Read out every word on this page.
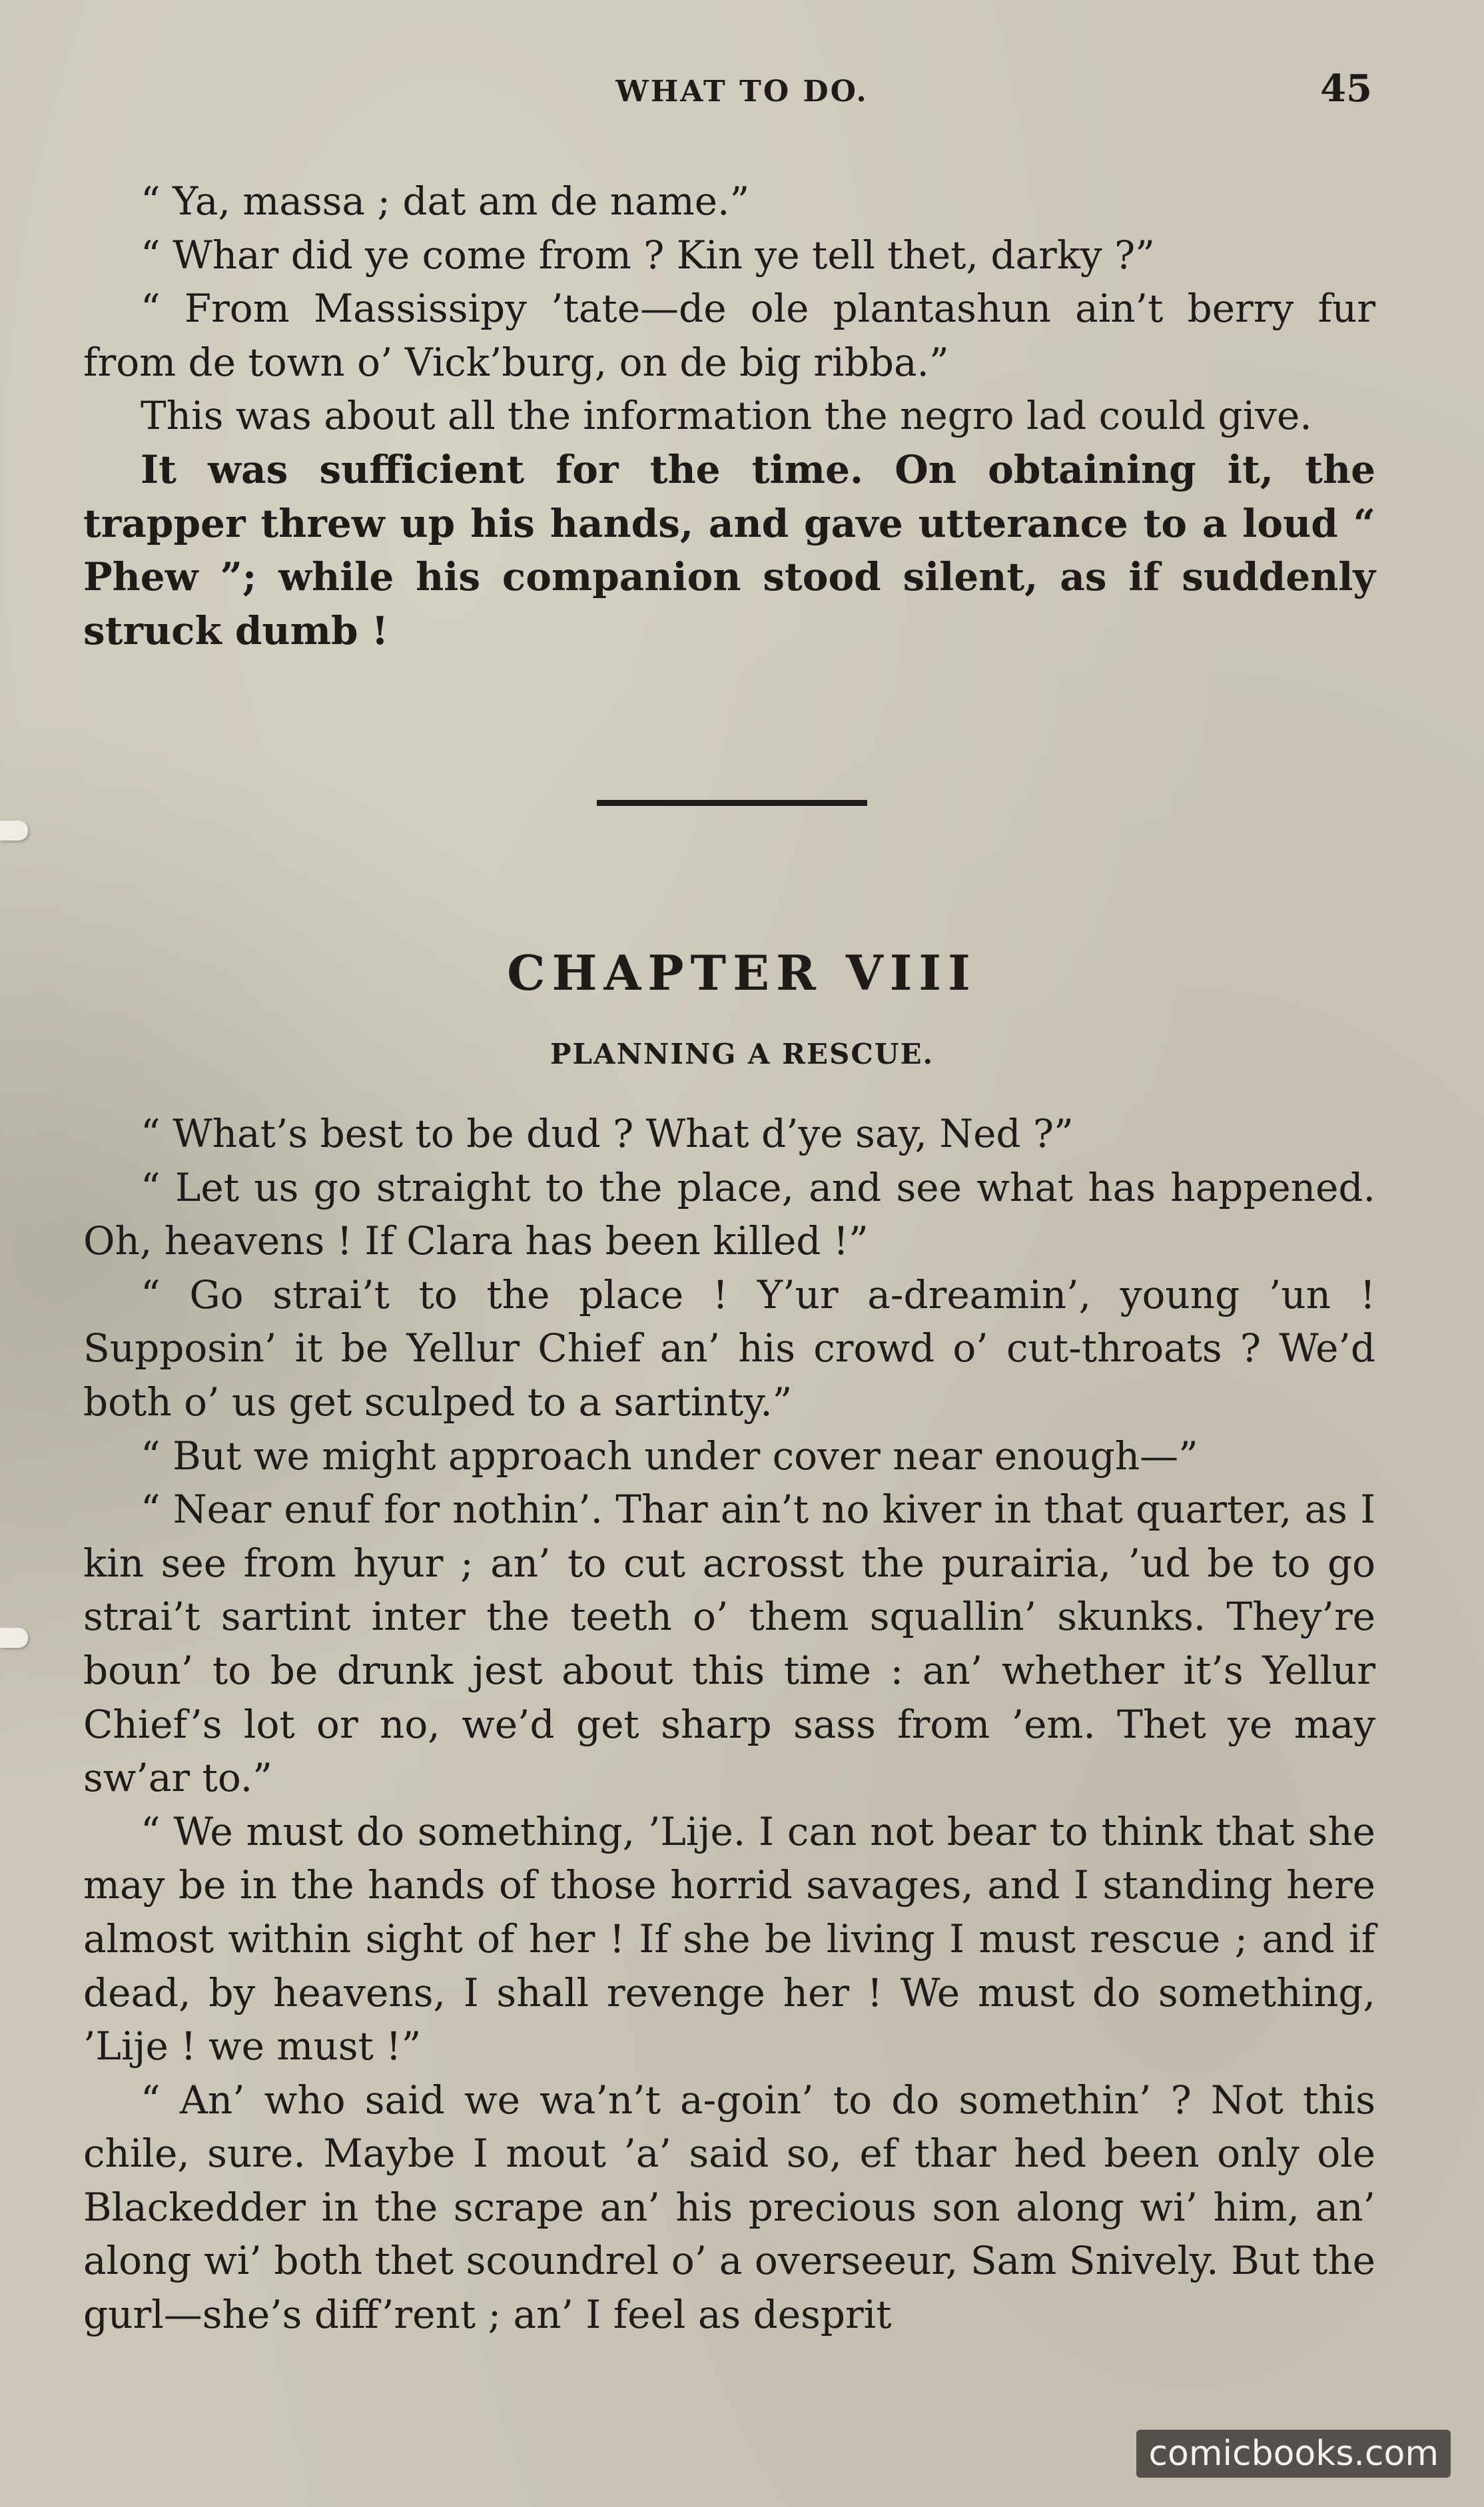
WHAT TO DO.	45

“ Ya, massa ; dat am de name.”

“ Whar did ye come from ? Kin ye tell thet, darky ?”

“ From Massissipy ’tate—de ole plantashun ain’t berry fur from de town o’ Vick’burg, on de big ribba.”

This was about all the information the negro lad could give.

It was sufficient for the time. On obtaining it, the trapper threw up his hands, and gave utterance to a loud “ Phew ”; while his companion stood silent, as if suddenly struck dumb !

CHAPTER VIII
PLANNING A RESCUE.

“ What’s best to be dud ? What d’ye say, Ned ?”

“ Let us go straight to the place, and see what has happened. Oh, heavens ! If Clara has been killed !”

“ Go strai’t to the place ! Y’ur a-dreamin’, young ’un ! Supposin’ it be Yellur Chief an’ his crowd o’ cut-throats ? We’d both o’ us get sculped to a sartinty.”

“ But we might approach under cover near enough—”

“ Near enuf for nothin’. Thar ain’t no kiver in that quarter, as I kin see from hyur ; an’ to cut acrosst the purairia, ’ud be to go strai’t sartint inter the teeth o’ them squallin’ skunks. They’re boun’ to be drunk jest about this time : an’ whether it’s Yellur Chief’s lot or no, we’d get sharp sass from ’em. Thet ye may sw’ar to.”

“ We must do something, ’Lije. I can not bear to think that she may be in the hands of those horrid savages, and I standing here almost within sight of her ! If she be living I must rescue ; and if dead, by heavens, I shall revenge her ! We must do something, ’Lije ! we must !”

“ An’ who said we wa’n’t a-goin’ to do somethin’ ? Not this chile, sure. Maybe I mout ’a’ said so, ef thar hed been only ole Blackedder in the scrape an’ his precious son along wi’ him, an’ along wi’ both thet scoundrel o’ a overseeur, Sam Snively. But the gurl—she’s diff’rent ; an’ I feel as desprit

comicbooks.com
